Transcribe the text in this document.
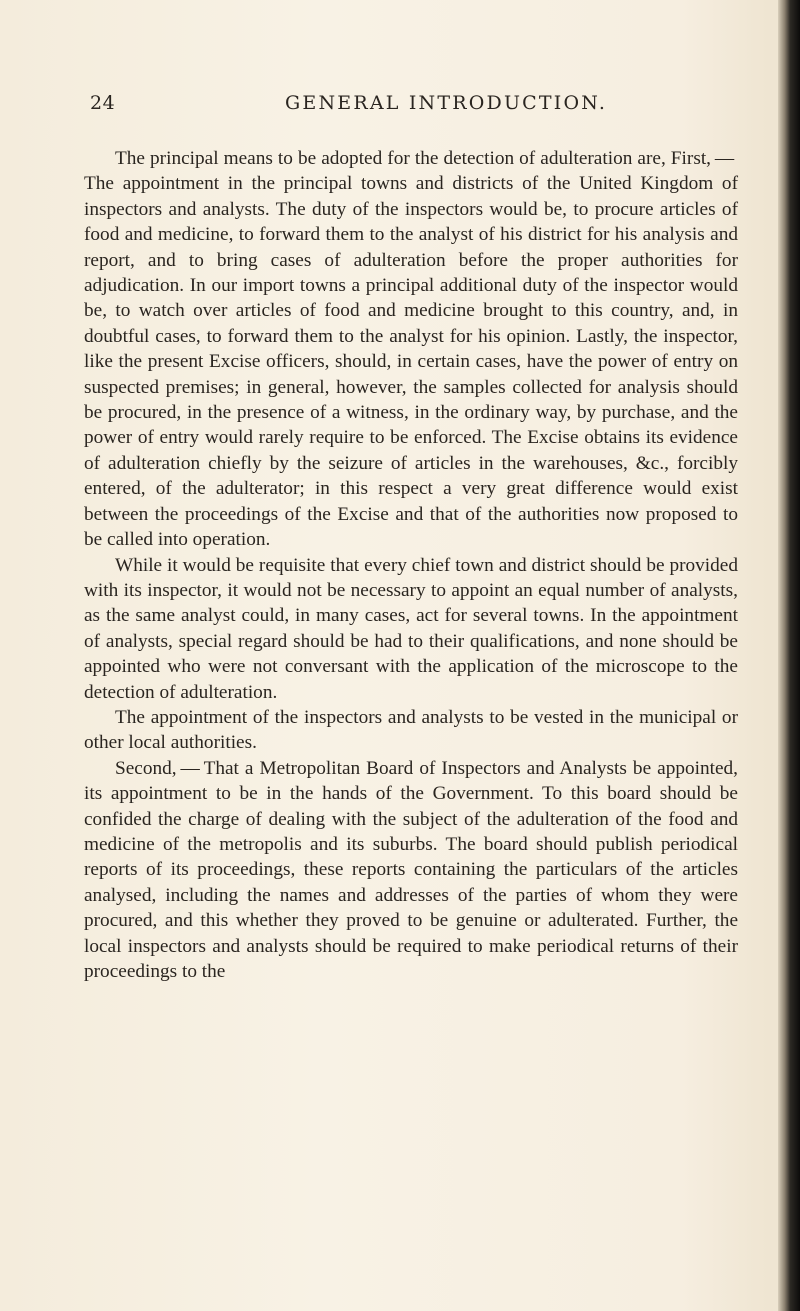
24	GENERAL INTRODUCTION.

The principal means to be adopted for the detection of adulteration are, First, — The appointment in the principal towns and districts of the United Kingdom of inspectors and analysts. The duty of the inspectors would be, to procure articles of food and medicine, to forward them to the analyst of his district for his analysis and report, and to bring cases of adulteration before the proper authorities for adjudication. In our import towns a principal additional duty of the inspector would be, to watch over articles of food and medicine brought to this country, and, in doubtful cases, to forward them to the analyst for his opinion. Lastly, the inspector, like the present Excise officers, should, in certain cases, have the power of entry on suspected premises; in general, however, the samples collected for analysis should be procured, in the presence of a witness, in the ordinary way, by purchase, and the power of entry would rarely require to be enforced. The Excise obtains its evidence of adulteration chiefly by the seizure of articles in the warehouses, &c., forcibly entered, of the adulterator; in this respect a very great difference would exist between the proceedings of the Excise and that of the authorities now proposed to be called into operation.

While it would be requisite that every chief town and district should be provided with its inspector, it would not be necessary to appoint an equal number of analysts, as the same analyst could, in many cases, act for several towns. In the appointment of analysts, special regard should be had to their qualifications, and none should be appointed who were not conversant with the application of the microscope to the detection of adulteration.

The appointment of the inspectors and analysts to be vested in the municipal or other local authorities.

Second, — That a Metropolitan Board of Inspectors and Analysts be appointed, its appointment to be in the hands of the Government. To this board should be confided the charge of dealing with the subject of the adulteration of the food and medicine of the metropolis and its suburbs. The board should publish periodical reports of its proceedings, these reports containing the particulars of the articles analysed, including the names and addresses of the parties of whom they were procured, and this whether they proved to be genuine or adulterated. Further, the local inspectors and analysts should be required to make periodical returns of their proceedings to the
